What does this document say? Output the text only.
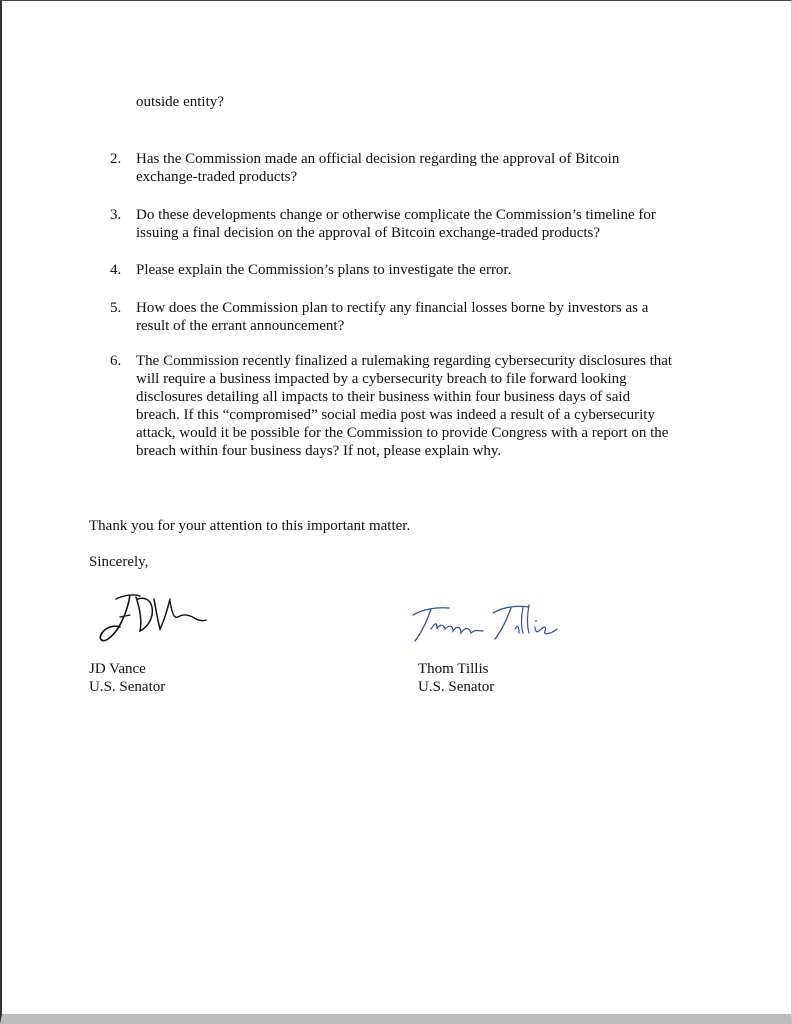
outside entity?
2. Has the Commission made an official decision regarding the approval of Bitcoin
exchange-traded products?
3. Do these developments change or otherwise complicate the Commission’s timeline for
issuing a final decision on the approval of Bitcoin exchange-traded products?
4. Please explain the Commission’s plans to investigate the error.
5. How does the Commission plan to rectify any financial losses borne by investors as a
result of the errant announcement?
6. The Commission recently finalized a rulemaking regarding cybersecurity disclosures that
will require a business impacted by a cybersecurity breach to file forward looking
disclosures detailing all impacts to their business within four business days of said
breach. If this “compromised” social media post was indeed a result of a cybersecurity
attack, would it be possible for the Commission to provide Congress with a report on the
breach within four business days? If not, please explain why.
Thank you for your attention to this important matter.
Sincerely,
JD Vance
U.S. Senator
Thom Tillis
U.S. Senator
